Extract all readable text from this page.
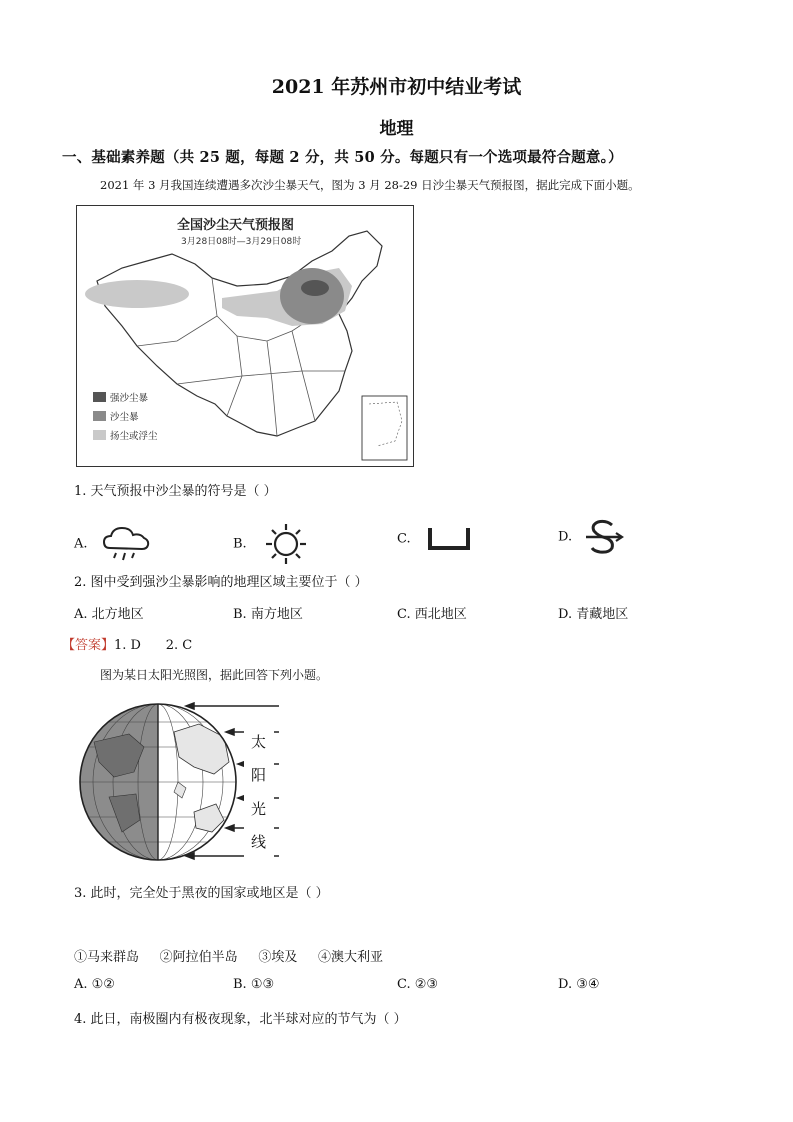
2021 年苏州市初中结业考试
地理
一、基础素养题（共 25 题，每题 2 分，共 50 分。每题只有一个选项最符合题意。）
2021 年 3 月我国连续遭遇多次沙尘暴天气，图为 3 月 28-29 日沙尘暴天气预报图，据此完成下面小题。
全国沙尘天气预报图
3月28日08时—3月29日08时
强沙尘暴
沙尘暴
扬尘或浮尘
1. 天气预报中沙尘暴的符号是（ ）
A.	B.	C.	D.
2. 图中受到强沙尘暴影响的地理区域主要位于（ ）
A. 北方地区	B. 南方地区	C. 西北地区	D. 青藏地区
【答案】1. D      2. C
图为某日太阳光照图，据此回答下列小题。
太
阳
光
线
3. 此时，完全处于黑夜的国家或地区是（ ）
①马来群岛     ②阿拉伯半岛     ③埃及     ④澳大利亚
A. ①②	B. ①③	C. ②③	D. ③④
4. 此日，南极圈内有极夜现象，北半球对应的节气为（ ）
